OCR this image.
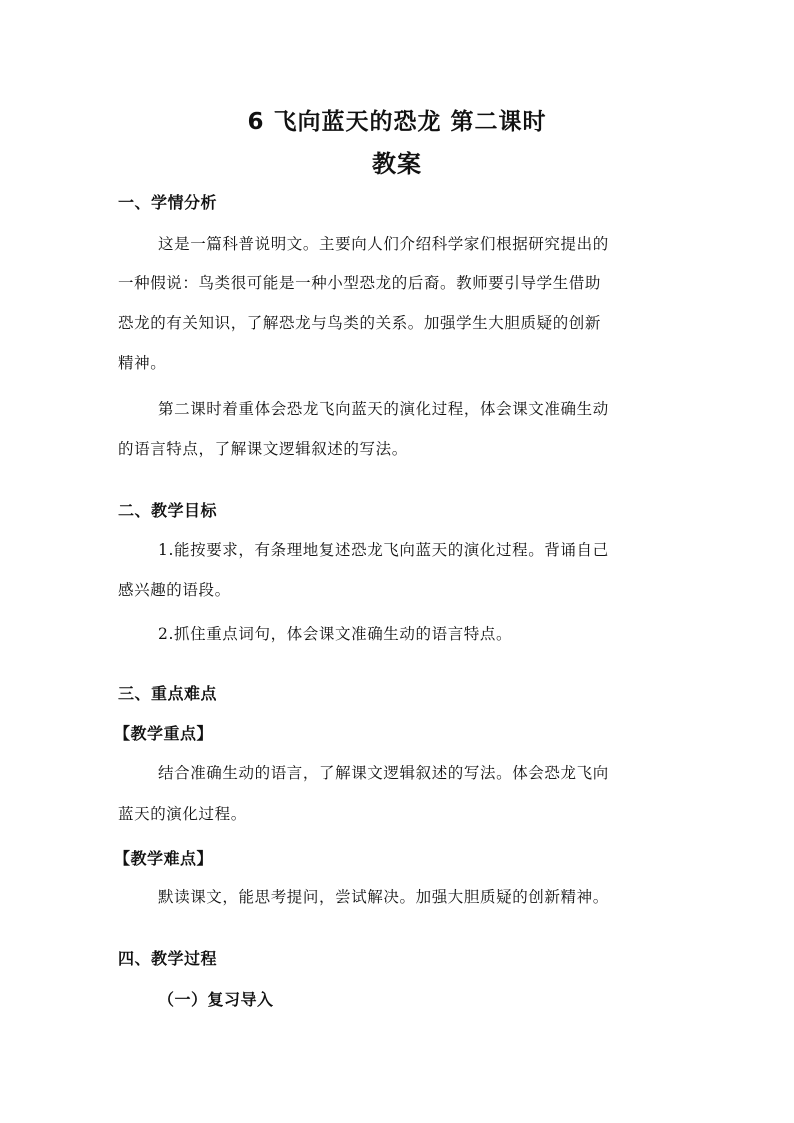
6 飞向蓝天的恐龙 第二课时
教案
一、学情分析
这是一篇科普说明文。主要向人们介绍科学家们根据研究提出的
一种假说：鸟类很可能是一种小型恐龙的后裔。教师要引导学生借助
恐龙的有关知识，了解恐龙与鸟类的关系。加强学生大胆质疑的创新
精神。
第二课时着重体会恐龙飞向蓝天的演化过程，体会课文准确生动
的语言特点，了解课文逻辑叙述的写法。
二、教学目标
1.能按要求，有条理地复述恐龙飞向蓝天的演化过程。背诵自己
感兴趣的语段。
2.抓住重点词句，体会课文准确生动的语言特点。
三、重点难点
【教学重点】
结合准确生动的语言，了解课文逻辑叙述的写法。体会恐龙飞向
蓝天的演化过程。
【教学难点】
默读课文，能思考提问，尝试解决。加强大胆质疑的创新精神。
四、教学过程
（一）复习导入
